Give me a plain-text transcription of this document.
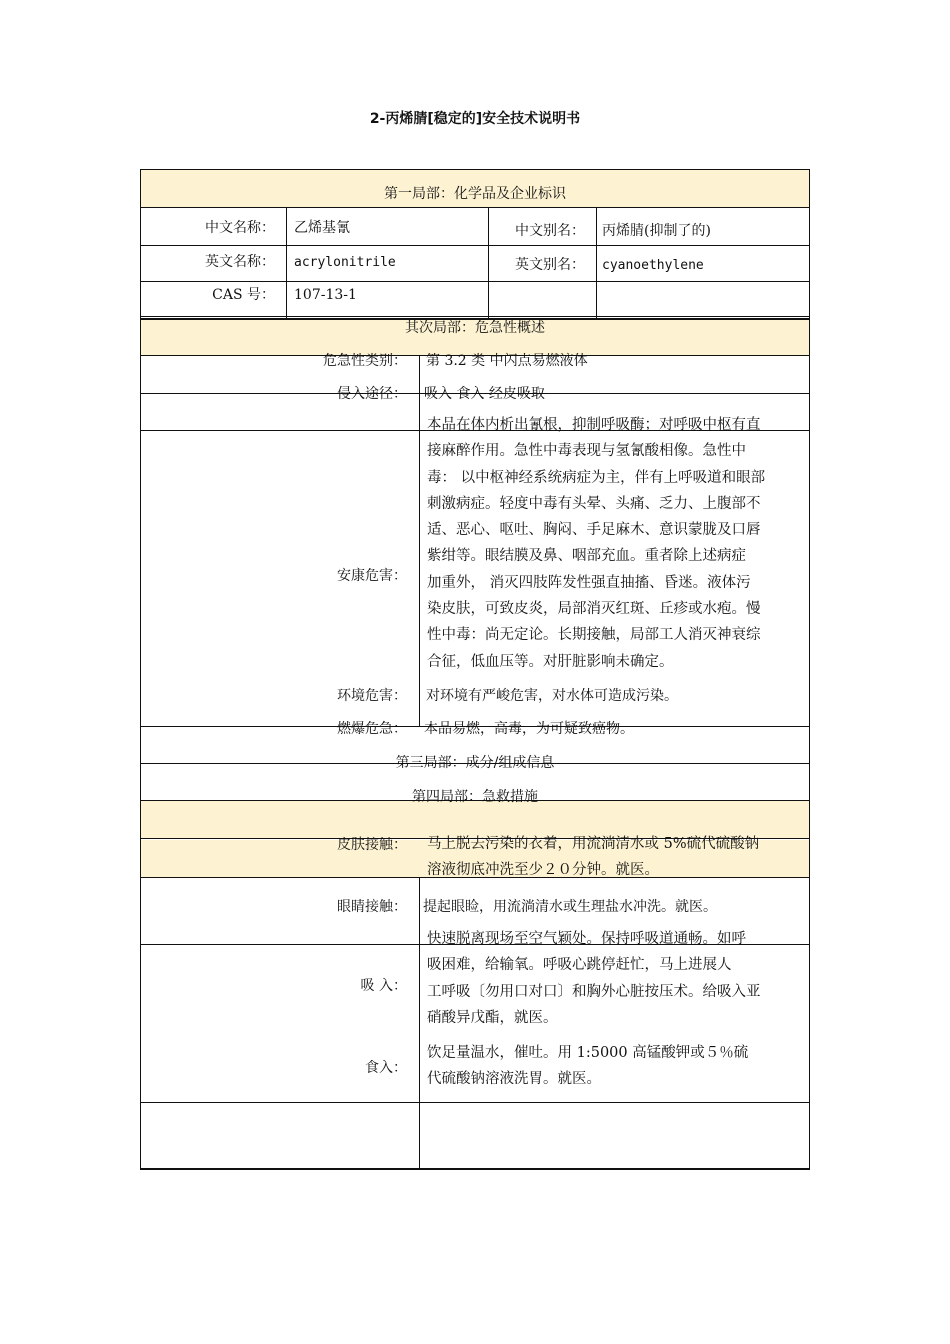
2-丙烯腈[稳定的]安全技术说明书
第一局部：化学品及企业标识
中文名称： 乙烯基氰	中文别名： 丙烯腈(抑制了的)
英文名称： acrylonitrile	英文别名： cyanoethylene
CAS 号： 107-13-1
其次局部：危急性概述
危急性类别： 第 3.2 类 中闪点易燃液体
侵入途径： 吸入 食入 经皮吸取
安康危害：
本品在体内析出氰根，抑制呼吸酶；对呼吸中枢有直
接麻醉作用。急性中毒表现与氢氰酸相像。急性中
毒： 以中枢神经系统病症为主，伴有上呼吸道和眼部
刺激病症。轻度中毒有头晕、头痛、乏力、上腹部不
适、恶心、呕吐、胸闷、手足麻木、意识蒙胧及口唇
紫绀等。眼结膜及鼻、咽部充血。重者除上述病症
加重外， 消灭四肢阵发性强直抽搐、昏迷。液体污
染皮肤，可致皮炎，局部消灭红斑、丘疹或水疱。慢
性中毒：尚无定论。长期接触，局部工人消灭神衰综
合征，低血压等。对肝脏影响未确定。
环境危害： 对环境有严峻危害，对水体可造成污染。
燃爆危急： 本品易燃，高毒，为可疑致癌物。
第三局部：成分/组成信息
第四局部：急救措施
皮肤接触： 马上脱去污染的衣着，用流淌清水或 5%硫代硫酸钠
溶液彻底冲洗至少２０分钟。就医。
眼睛接触： 提起眼睑，用流淌清水或生理盐水冲洗。就医。
吸 入：
快速脱离现场至空气颖处。保持呼吸道通畅。如呼
吸困难，给输氧。呼吸心跳停赶忙，马上进展人
工呼吸〔勿用口对口〕和胸外心脏按压术。给吸入亚
硝酸异戊酯，就医。
食入：
饮足量温水，催吐。用 1:5000 高锰酸钾或５％硫
代硫酸钠溶液洗胃。就医。
